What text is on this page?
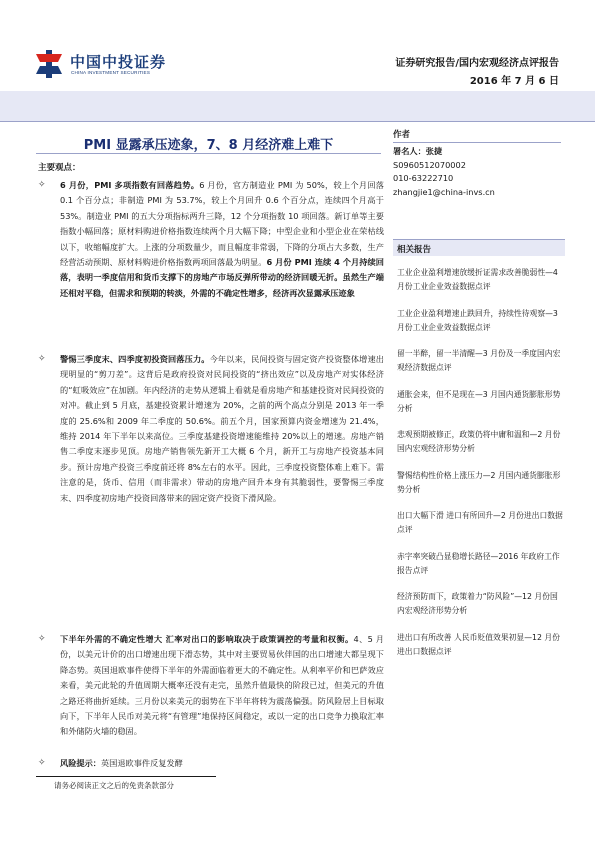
中国中投证券
CHINA INVESTMENT SECURITIES
证券研究报告/国内宏观经济点评报告
2016 年 7 月 6 日
PMI 显露承压迹象，7、8 月经济难上难下
主要观点：
✧ 6 月份，PMI 多项指数有回落趋势。6 月份，官方制造业 PMI 为 50%，较上个月回落 0.1 个百分点；非制造 PMI 为 53.7%，较上个月回升 0.6 个百分点，连续四个月高于 53%。制造业 PMI 的五大分项指标两升三降，12 个分项指数 10 项回落。新订单等主要指数小幅回落；原材料购进价格指数连续两个月大幅下降；中型企业和小型企业在荣枯线以下，收缩幅度扩大。上涨的分项数量少，而且幅度非常弱，下降的分项占大多数，生产经营活动预期、原材料购进价格指数两项回落最为明显。6 月份 PMI 连续 4 个月持续回落，表明一季度信用和货币支撑下的房地产市场反弹所带动的经济回暖无折。虽然生产端还相对平稳，但需求和预期的转淡，外需的不确定性增多，经济再次显露承压迹象
✧ 警惕三季度末、四季度初投资回落压力。今年以来，民间投资与固定资产投资整体增速出现明显的“剪刀差”。这背后是政府投资对民间投资的“挤出效应”以及房地产对实体经济的“虹吸效应”在加剧。年内经济的走势从逻辑上看就是看房地产和基建投资对民间投资的对冲。截止到 5 月底，基建投资累计增速为 20%，之前的两个高点分别是 2013 年一季度的 25.6%和 2009 年二季度的 50.6%。前五个月，国家预算内资金增速为 21.4%，维持 2014 年下半年以来高位。三季度基建投资增速能维持 20%以上的增速。房地产销售二季度末逐步见顶。房地产销售领先新开工大概 6 个月，新开工与房地产投资基本同步。预计房地产投资三季度前还将 8%左右的水平。因此，三季度投资整体难上难下。需注意的是，货币、信用（而非需求）带动的房地产回升本身有其脆弱性，要警惕三季度末、四季度初房地产投资回落带来的固定资产投资下滑风险。
✧ 下半年外需的不确定性增大 汇率对出口的影响取决于政策调控的考量和权衡。4、5 月份，以美元计价的出口增速出现下滑态势，其中对主要贸易伙伴国的出口增速大都呈现下降态势。英国退欧事件使得下半年的外需面临着更大的不确定性。从利率平价和巴萨效应来看，美元此轮的升值周期大概率还没有走完，虽然升值最快的阶段已过，但美元的升值之路还将曲折延续。三月份以来美元的弱势在下半年将转为震荡偏强。防风险居上目标取向下，下半年人民币对美元将“有管理”地保持区间稳定，或以一定的出口竞争力换取汇率和外储防火墙的稳固。
✧ 风险提示：英国退欧事件反复发酵
作者
署名人：张捷
S0960512070002
010-63222710
zhangjie1@china-invs.cn
相关报告
工业企业盈利增速放缓折证需求改善脆弱性—4 月份工业企业效益数据点评
工业企业盈利增速止跌回升，持续性待观察—3 月份工业企业效益数据点评
留一半醉，留一半清醒—3 月份及一季度国内宏观经济数据点评
通胀会来，但不是现在—3 月国内通货膨胀形势分析
悲观预期被修正，政策仍将中庸和温和—2 月份国内宏观经济形势分析
警惕结构性价格上涨压力—2 月国内通货膨胀形势分析
出口大幅下滑 进口有所回升—2 月份进出口数据点评
赤字率突破凸显稳增长路径—2016 年政府工作报告点评
经济预防而下，政策着力“防风险”—12 月份国内宏观经济形势分析
进出口有所改善 人民币贬值效果初显—12 月份进出口数据点评
请务必阅读正文之后的免责条款部分
